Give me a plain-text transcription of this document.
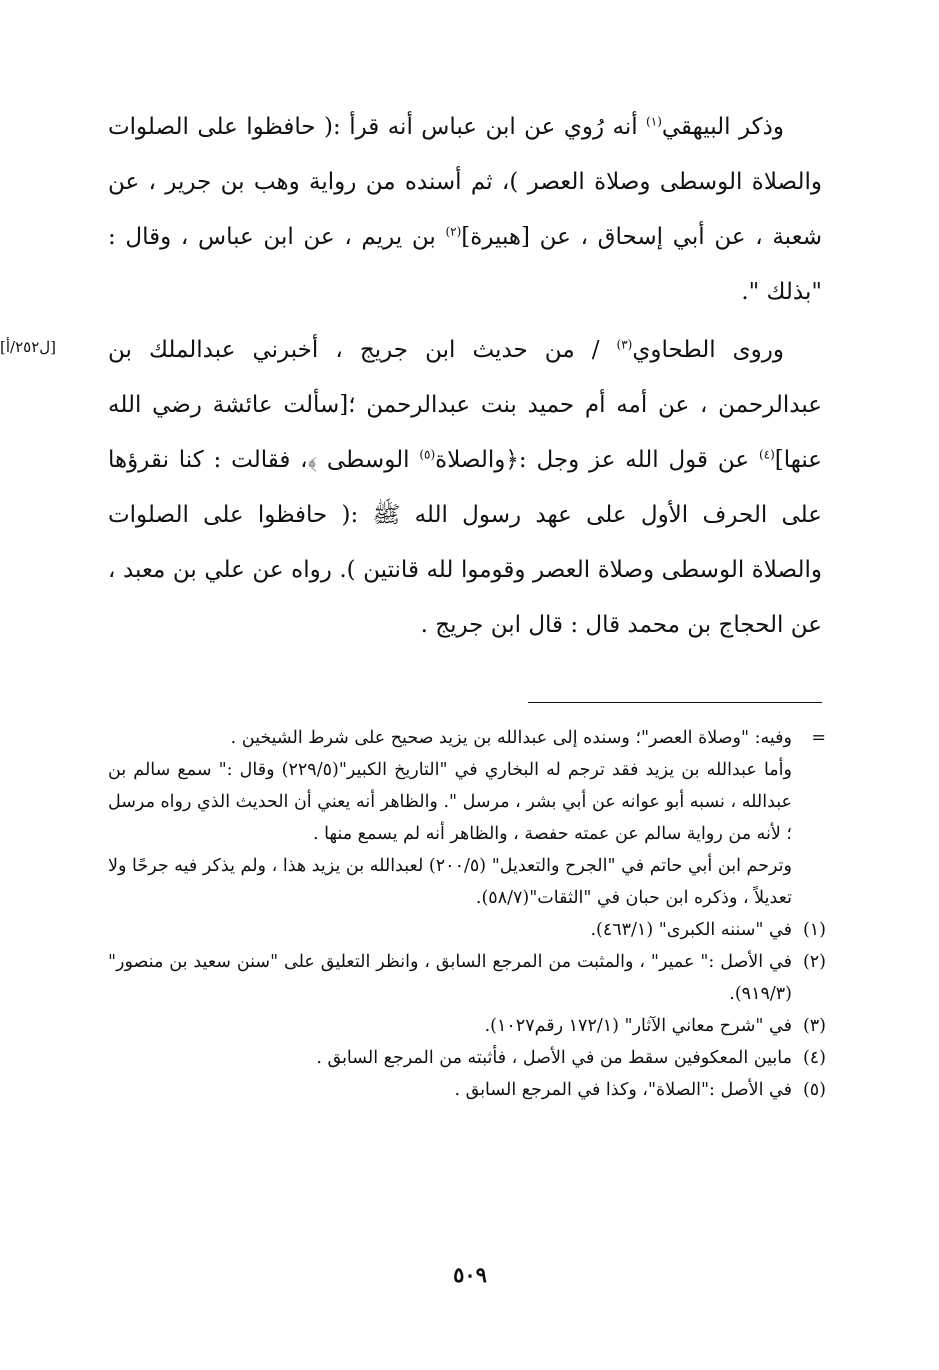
وذكر البيهقي$^{(١)}$ أنه رُوي عن ابن عباس أنه قرأ :( حافظوا على الصلوات والصلاة الوسطى وصلاة العصر )، ثم أسنده من رواية وهب بن جرير ، عن شعبة ، عن أبي إسحاق ، عن [هبيرة]$^{(٢)}$ بن يريم ، عن ابن عباس ، وقال : "بذلك ".

وروى الطحاوي$^{(٣)}$ / من حديث ابن جريج ، أخبرني عبدالملك بن عبدالرحمن ، عن أمه أم حميد بنت عبدالرحمن ؛[سألت عائشة رضي الله عنها]$^{(٤)}$ عن قول الله عز وجل :﴿والصلاة$^{(٥)}$ الوسطى ﴾، فقالت : كنا نقرؤها على الحرف الأول على عهد رسول الله ﷺ :( حافظوا على الصلوات والصلاة الوسطى وصلاة العصر وقوموا لله قانتين ). رواه عن علي بن معبد ، عن الحجاج بن محمد قال : قال ابن جريج .

[ل٢٥٢/أ]

=وفيه: "وصلاة العصر"؛ وسنده إلى عبدالله بن يزيد صحيح على شرط الشيخين .

وأما عبدالله بن يزيد فقد ترجم له البخاري في "التاريخ الكبير"(٢٢٩/٥) وقال :" سمع سالم بن عبدالله ، نسبه أبو عوانه عن أبي بشر ، مرسل ". والظاهر أنه يعني أن الحديث الذي رواه مرسل ؛ لأنه من رواية سالم عن عمته حفصة ، والظاهر أنه لم يسمع منها .

وترحم ابن أبي حاتم في "الجرح والتعديل" (٢٠٠/٥) لعبدالله بن يزيد هذا ، ولم يذكر فيه جرحًا ولا تعديلاً ، وذكره ابن حبان في "الثقات"(٥٨/٧).

(١)في "سننه الكبرى" (٤٦٣/١).

(٢)في الأصل :" عمير" ، والمثبت من المرجع السابق ، وانظر التعليق على "سنن سعيد بن منصور" (٩١٩/٣).

(٣)في "شرح معاني الآثار" (١٧٢/١ رقم١٠٢٧).

(٤)مابين المعكوفين سقط من في الأصل ، فأثبته من المرجع السابق .

(٥)في الأصل :"الصلاة"، وكذا في المرجع السابق .

٥٠٩
